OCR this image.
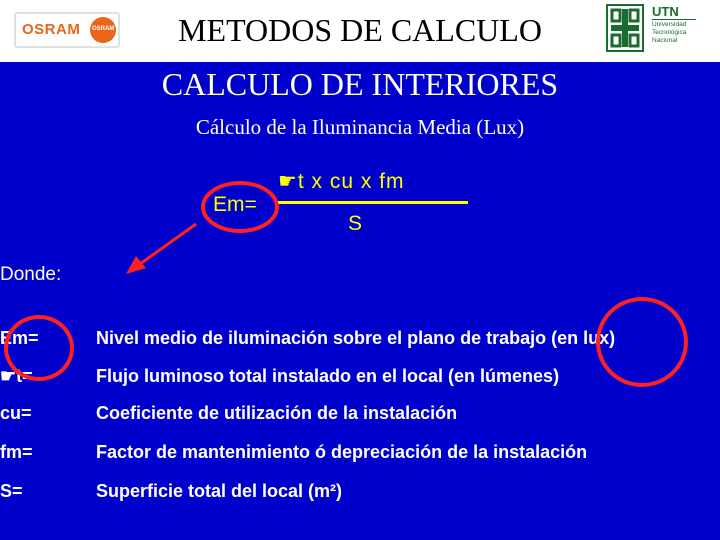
OSRAM OSRAM	METODOS DE CALCULO
UTN
Universidad
Tecnológica
Nacional
CALCULO DE INTERIORES
Cálculo de la Iluminancia Media (Lux)
Em=
☛t x cu x fm
S
Donde:
Em=	Nivel medio de iluminación sobre el plano de trabajo (en lux)
☛t=	Flujo luminoso total instalado en el local (en lúmenes)
cu=	Coeficiente de utilización de la instalación
fm=	Factor de mantenimiento ó depreciación de la instalación
S=	Superficie total del local (m²)
